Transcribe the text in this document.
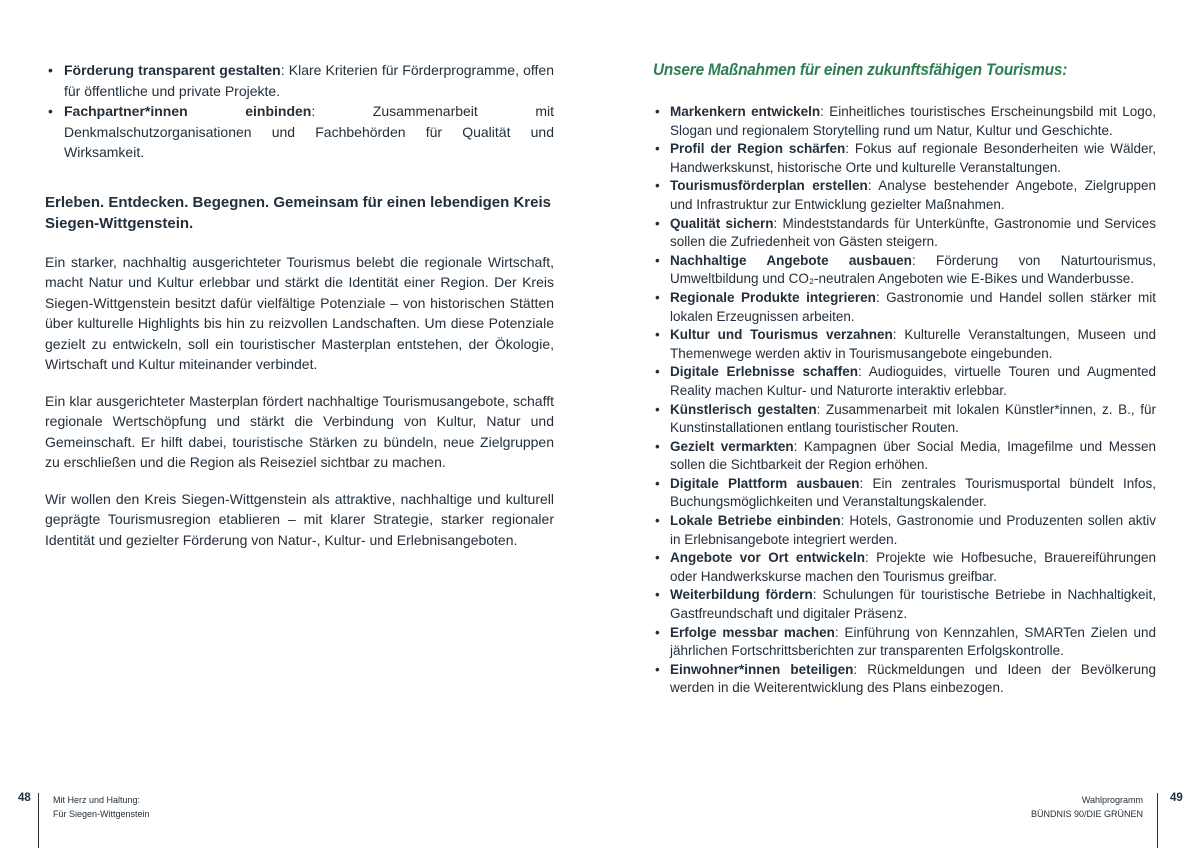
• Förderung transparent gestalten: Klare Kriterien für Förderprogramme, offen für öffentliche und private Projekte.
• Fachpartner*innen einbinden: Zusammenarbeit mit Denkmalschutzorganisationen und Fachbehörden für Qualität und Wirksamkeit.
Erleben. Entdecken. Begegnen. Gemeinsam für einen lebendigen Kreis Siegen-Wittgenstein.

Ein starker, nachhaltig ausgerichteter Tourismus belebt die regionale Wirtschaft, macht Natur und Kultur erlebbar und stärkt die Identität einer Region. Der Kreis Siegen-Wittgenstein besitzt dafür vielfältige Potenziale – von historischen Stätten über kulturelle Highlights bis hin zu reizvollen Landschaften. Um diese Potenziale gezielt zu entwickeln, soll ein touristischer Masterplan entstehen, der Ökologie, Wirtschaft und Kultur miteinander verbindet.

Ein klar ausgerichteter Masterplan fördert nachhaltige Tourismusangebote, schafft regionale Wertschöpfung und stärkt die Verbindung von Kultur, Natur und Gemeinschaft. Er hilft dabei, touristische Stärken zu bündeln, neue Zielgruppen zu erschließen und die Region als Reiseziel sichtbar zu machen.

Wir wollen den Kreis Siegen-Wittgenstein als attraktive, nachhaltige und kulturell geprägte Tourismusregion etablieren – mit klarer Strategie, starker regionaler Identität und gezielter Förderung von Natur-, Kultur- und Erlebnisangeboten.

Unsere Maßnahmen für einen zukunftsfähigen Tourismus:
• Markenkern entwickeln: Einheitliches touristisches Erscheinungsbild mit Logo, Slogan und regionalem Storytelling rund um Natur, Kultur und Geschichte.
• Profil der Region schärfen: Fokus auf regionale Besonderheiten wie Wälder, Handwerkskunst, historische Orte und kulturelle Veranstaltungen.
• Tourismusförderplan erstellen: Analyse bestehender Angebote, Zielgruppen und Infrastruktur zur Entwicklung gezielter Maßnahmen.
• Qualität sichern: Mindeststandards für Unterkünfte, Gastronomie und Services sollen die Zufriedenheit von Gästen steigern.
• Nachhaltige Angebote ausbauen: Förderung von Naturtourismus, Umweltbildung und CO₂-neutralen Angeboten wie E-Bikes und Wanderbusse.
• Regionale Produkte integrieren: Gastronomie und Handel sollen stärker mit lokalen Erzeugnissen arbeiten.
• Kultur und Tourismus verzahnen: Kulturelle Veranstaltungen, Museen und Themenwege werden aktiv in Tourismusangebote eingebunden.
• Digitale Erlebnisse schaffen: Audioguides, virtuelle Touren und Augmented Reality machen Kultur- und Naturorte interaktiv erlebbar.
• Künstlerisch gestalten: Zusammenarbeit mit lokalen Künstler*innen, z. B., für Kunstinstallationen entlang touristischer Routen.
• Gezielt vermarkten: Kampagnen über Social Media, Imagefilme und Messen sollen die Sichtbarkeit der Region erhöhen.
• Digitale Plattform ausbauen: Ein zentrales Tourismusportal bündelt Infos, Buchungsmöglichkeiten und Veranstaltungskalender.
• Lokale Betriebe einbinden: Hotels, Gastronomie und Produzenten sollen aktiv in Erlebnisangebote integriert werden.
• Angebote vor Ort entwickeln: Projekte wie Hofbesuche, Brauereiführungen oder Handwerkskurse machen den Tourismus greifbar.
• Weiterbildung fördern: Schulungen für touristische Betriebe in Nachhaltigkeit, Gastfreundschaft und digitaler Präsenz.
• Erfolge messbar machen: Einführung von Kennzahlen, SMARTen Zielen und jährlichen Fortschrittsberichten zur transparenten Erfolgskontrolle.
• Einwohner*innen beteiligen: Rückmeldungen und Ideen der Bevölkerung werden in die Weiterentwicklung des Plans einbezogen.
48 Mit Herz und Haltung:
Für Siegen-Wittgenstein
Wahlprogramm
BÜNDNIS 90/DIE GRÜNEN
49
